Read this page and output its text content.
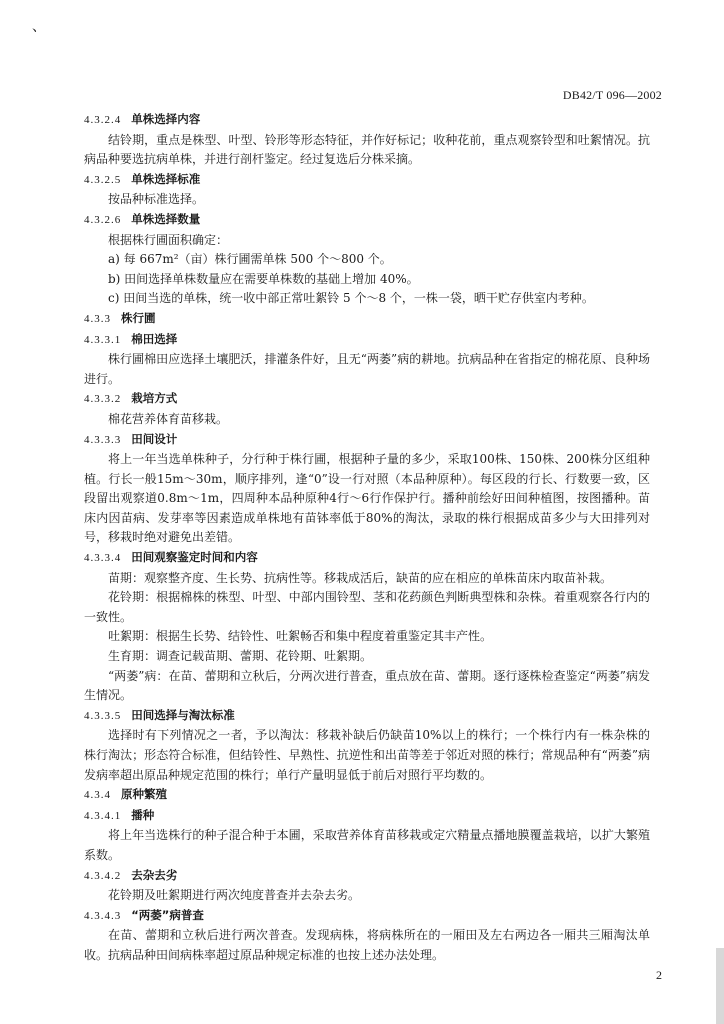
、
DB42/T 096—2002
4.3.2.4 单株选择内容

结铃期，重点是株型、叶型、铃形等形态特征，并作好标记；收种花前，重点观察铃型和吐絮情况。抗病品种要选抗病单株，并进行剖杆鉴定。经过复选后分株采摘。

4.3.2.5 单株选择标准

按品种标准选择。

4.3.2.6 单株选择数量

根据株行圃面积确定：

a) 每 667m²（亩）株行圃需单株 500 个～800 个。

b) 田间选择单株数量应在需要单株数的基础上增加 40%。

c) 田间当选的单株，统一收中部正常吐絮铃 5 个～8 个，一株一袋，晒干贮存供室内考种。

4.3.3 株行圃
4.3.3.1 棉田选择

株行圃棉田应选择土壤肥沃，排灌条件好，且无“两萎”病的耕地。抗病品种在省指定的棉花原、良种场进行。

4.3.3.2 栽培方式

棉花营养体育苗移栽。

4.3.3.3 田间设计

将上一年当选单株种子，分行种于株行圃，根据种子量的多少，采取100株、150株、200株分区组种植。行长一般15m～30m，顺序排列，逢“0”设一行对照（本品种原种）。每区段的行长、行数要一致，区段留出观察道0.8m～1m，四周种本品种原种4行～6行作保护行。播种前绘好田间种植图，按图播种。苗床内因苗病、发芽率等因素造成单株地有苗钵率低于80%的淘汰，录取的株行根据成苗多少与大田排列对号，移栽时绝对避免出差错。

4.3.3.4 田间观察鉴定时间和内容

苗期：观察整齐度、生长势、抗病性等。移栽成活后，缺苗的应在相应的单株苗床内取苗补栽。

花铃期：根据棉株的株型、叶型、中部内围铃型、茎和花药颜色判断典型株和杂株。着重观察各行内的一致性。

吐絮期：根据生长势、结铃性、吐絮畅否和集中程度着重鉴定其丰产性。

生育期：调查记载苗期、蕾期、花铃期、吐絮期。

“两萎”病：在苗、蕾期和立秋后，分两次进行普查，重点放在苗、蕾期。逐行逐株检查鉴定“两萎”病发生情况。

4.3.3.5 田间选择与淘汰标准

选择时有下列情况之一者，予以淘汰：移栽补缺后仍缺苗10%以上的株行；一个株行内有一株杂株的株行淘汰；形态符合标准，但结铃性、早熟性、抗逆性和出苗等差于邻近对照的株行；常规品种有“两萎”病发病率超出原品种规定范围的株行；单行产量明显低于前后对照行平均数的。

4.3.4 原种繁殖
4.3.4.1 播种

将上年当选株行的种子混合种于本圃，采取营养体育苗移栽或定穴精量点播地膜覆盖栽培，以扩大繁殖系数。

4.3.4.2 去杂去劣

花铃期及吐絮期进行两次纯度普查并去杂去劣。

4.3.4.3 “两萎”病普查

在苗、蕾期和立秋后进行两次普查。发现病株，将病株所在的一厢田及左右两边各一厢共三厢淘汰单收。抗病品种田间病株率超过原品种规定标准的也按上述办法处理。

2
